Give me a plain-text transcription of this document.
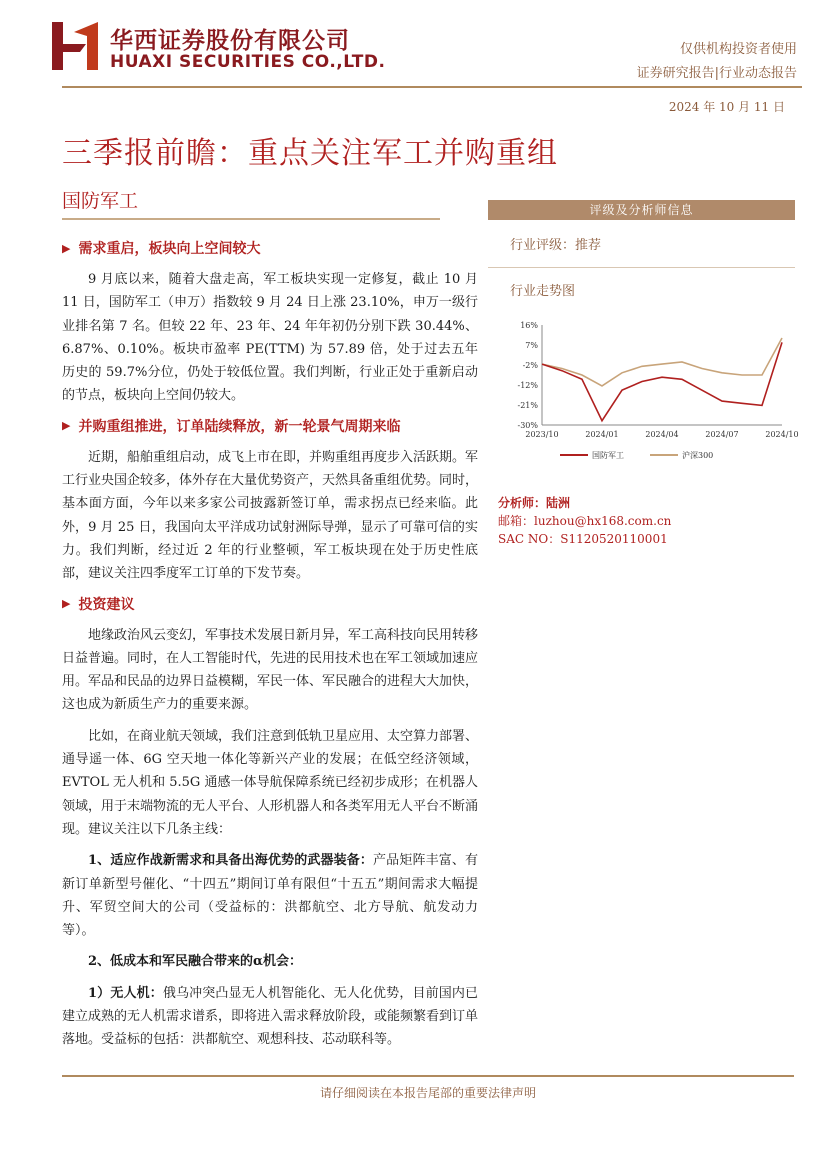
华西证券股份有限公司
HUAXI SECURITIES CO.,LTD.
仅供机构投资者使用
证券研究报告|行业动态报告
2024 年 10 月 11 日
三季报前瞻：重点关注军工并购重组
国防军工
▶ 需求重启，板块向上空间较大

9 月底以来，随着大盘走高，军工板块实现一定修复，截止 10 月 11 日，国防军工（申万）指数较 9 月 24 日上涨 23.10%，申万一级行业排名第 7 名。但较 22 年、23 年、24 年年初仍分别下跌 30.44%、6.87%、0.10%。板块市盈率 PE(TTM) 为 57.89 倍，处于过去五年历史的 59.7%分位，仍处于较低位置。我们判断，行业正处于重新启动的节点，板块向上空间仍较大。

▶ 并购重组推进，订单陆续释放，新一轮景气周期来临

近期，船舶重组启动，成飞上市在即，并购重组再度步入活跃期。军工行业央国企较多，体外存在大量优势资产，天然具备重组优势。同时，基本面方面，今年以来多家公司披露新签订单，需求拐点已经来临。此外，9 月 25 日，我国向太平洋成功试射洲际导弹，显示了可靠可信的实力。我们判断，经过近 2 年的行业整顿，军工板块现在处于历史性底部，建议关注四季度军工订单的下发节奏。

▶ 投资建议

地缘政治风云变幻，军事技术发展日新月异，军工高科技向民用转移日益普遍。同时，在人工智能时代，先进的民用技术也在军工领域加速应用。军品和民品的边界日益模糊，军民一体、军民融合的进程大大加快，这也成为新质生产力的重要来源。

比如，在商业航天领域，我们注意到低轨卫星应用、太空算力部署、通导遥一体、6G 空天地一体化等新兴产业的发展；在低空经济领域，EVTOL 无人机和 5.5G 通感一体导航保障系统已经初步成形；在机器人领域，用于末端物流的无人平台、人形机器人和各类军用无人平台不断涌现。建议关注以下几条主线：

1、适应作战新需求和具备出海优势的武器装备：产品矩阵丰富、有新订单新型号催化、“十四五”期间订单有限但“十五五”期间需求大幅提升、军贸空间大的公司（受益标的：洪都航空、北方导航、航发动力等）。

2、低成本和军民融合带来的α机会：

1）无人机：俄乌冲突凸显无人机智能化、无人化优势，目前国内已建立成熟的无人机需求谱系，即将进入需求释放阶段，或能频繁看到订单落地。受益标的包括：洪都航空、观想科技、芯动联科等。

评级及分析师信息
行业评级：推荐
行业走势图
16%
7%
-2%
-12%
-21%
-30%
2023/10	2024/01	2024/04	2024/07	2024/10
国防军工	沪深300
分析师：陆洲
邮箱：luzhou@hx168.com.cn
SAC NO：S1120520110001
请仔细阅读在本报告尾部的重要法律声明
